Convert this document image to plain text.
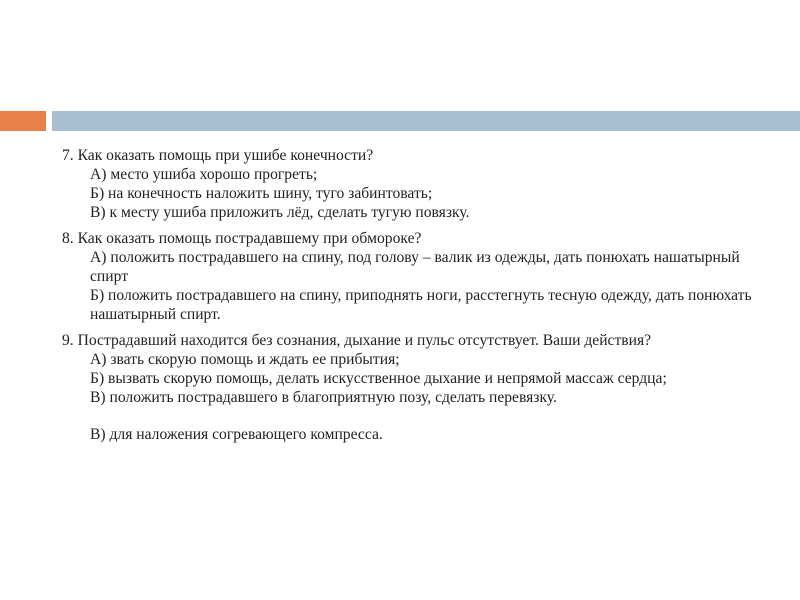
7. Как оказать помощь при ушибе конечности?
А) место ушиба хорошо прогреть;
Б) на конечность наложить шину, туго забинтовать;
В) к месту ушиба приложить лёд, сделать тугую повязку.
8. Как оказать помощь пострадавшему при обмороке?
А) положить пострадавшего на спину, под голову – валик из одежды, дать понюхать нашатырный спирт
Б) положить пострадавшего на спину, приподнять ноги, расстегнуть тесную одежду, дать понюхать нашатырный спирт.
9. Пострадавший находится без сознания, дыхание и пульс отсутствует. Ваши действия?
А) звать скорую помощь и ждать ее прибытия;
Б) вызвать скорую помощь, делать искусственное дыхание и непрямой массаж сердца;
В) положить пострадавшего в благоприятную позу, сделать перевязку.
В) для наложения согревающего компресса.
